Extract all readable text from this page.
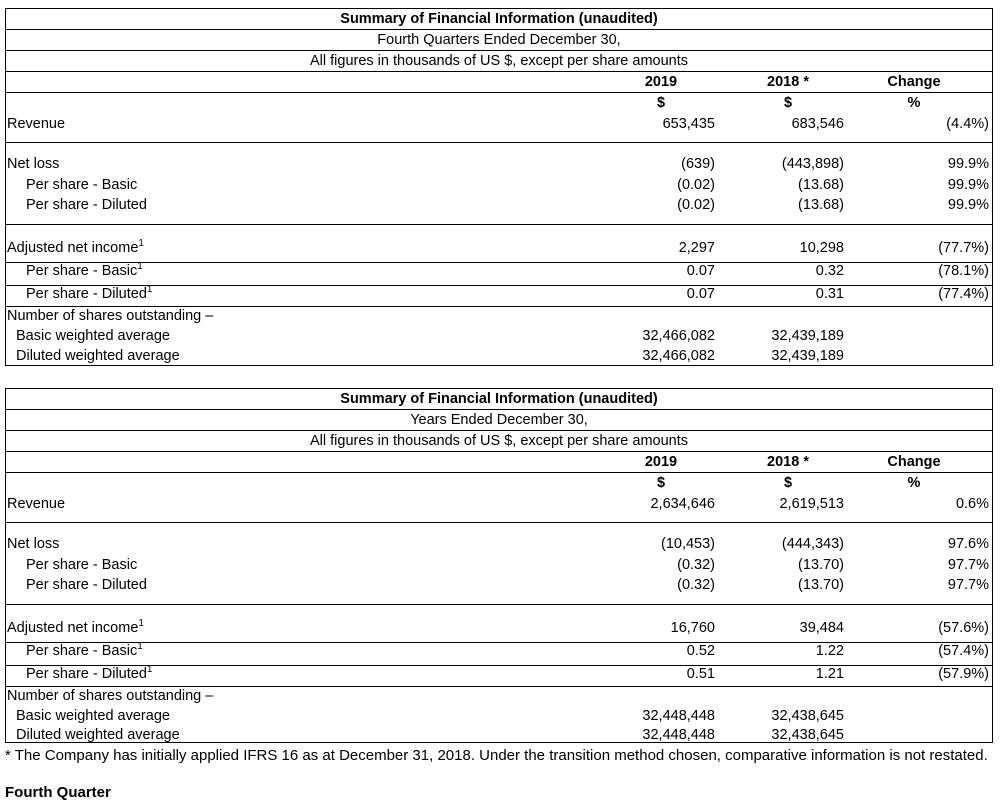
Summary of Financial Information (unaudited)
Fourth Quarters Ended December 30,
All figures in thousands of US $, except per share amounts
2019	2018 *	Change
$	$	%
Revenue	653,435	683,546	(4.4%)
Net loss	(639)	(443,898)	99.9%
Per share - Basic	(0.02)	(13.68)	99.9%
Per share - Diluted	(0.02)	(13.68)	99.9%
Adjusted net income$^1$	2,297	10,298	(77.7%)
Per share - Basic$^1$	0.07	0.32	(78.1%)
Per share - Diluted$^1$	0.07	0.31	(77.4%)
Number of shares outstanding –
Basic weighted average	32,466,082	32,439,189
Diluted weighted average	32,466,082	32,439,189
Summary of Financial Information (unaudited)
Years Ended December 30,
All figures in thousands of US $, except per share amounts
2019	2018 *	Change
$	$	%
Revenue	2,634,646	2,619,513	0.6%
Net loss	(10,453)	(444,343)	97.6%
Per share - Basic	(0.32)	(13.70)	97.7%
Per share - Diluted	(0.32)	(13.70)	97.7%
Adjusted net income$^1$	16,760	39,484	(57.6%)
Per share - Basic$^1$	0.52	1.22	(57.4%)
Per share - Diluted$^1$	0.51	1.21	(57.9%)
Number of shares outstanding –
Basic weighted average	32,448,448	32,438,645
Diluted weighted average	32,448,448	32,438,645
* The Company has initially applied IFRS 16 as at December 31, 2018. Under the transition method chosen, comparative information is not restated.
Fourth Quarter
